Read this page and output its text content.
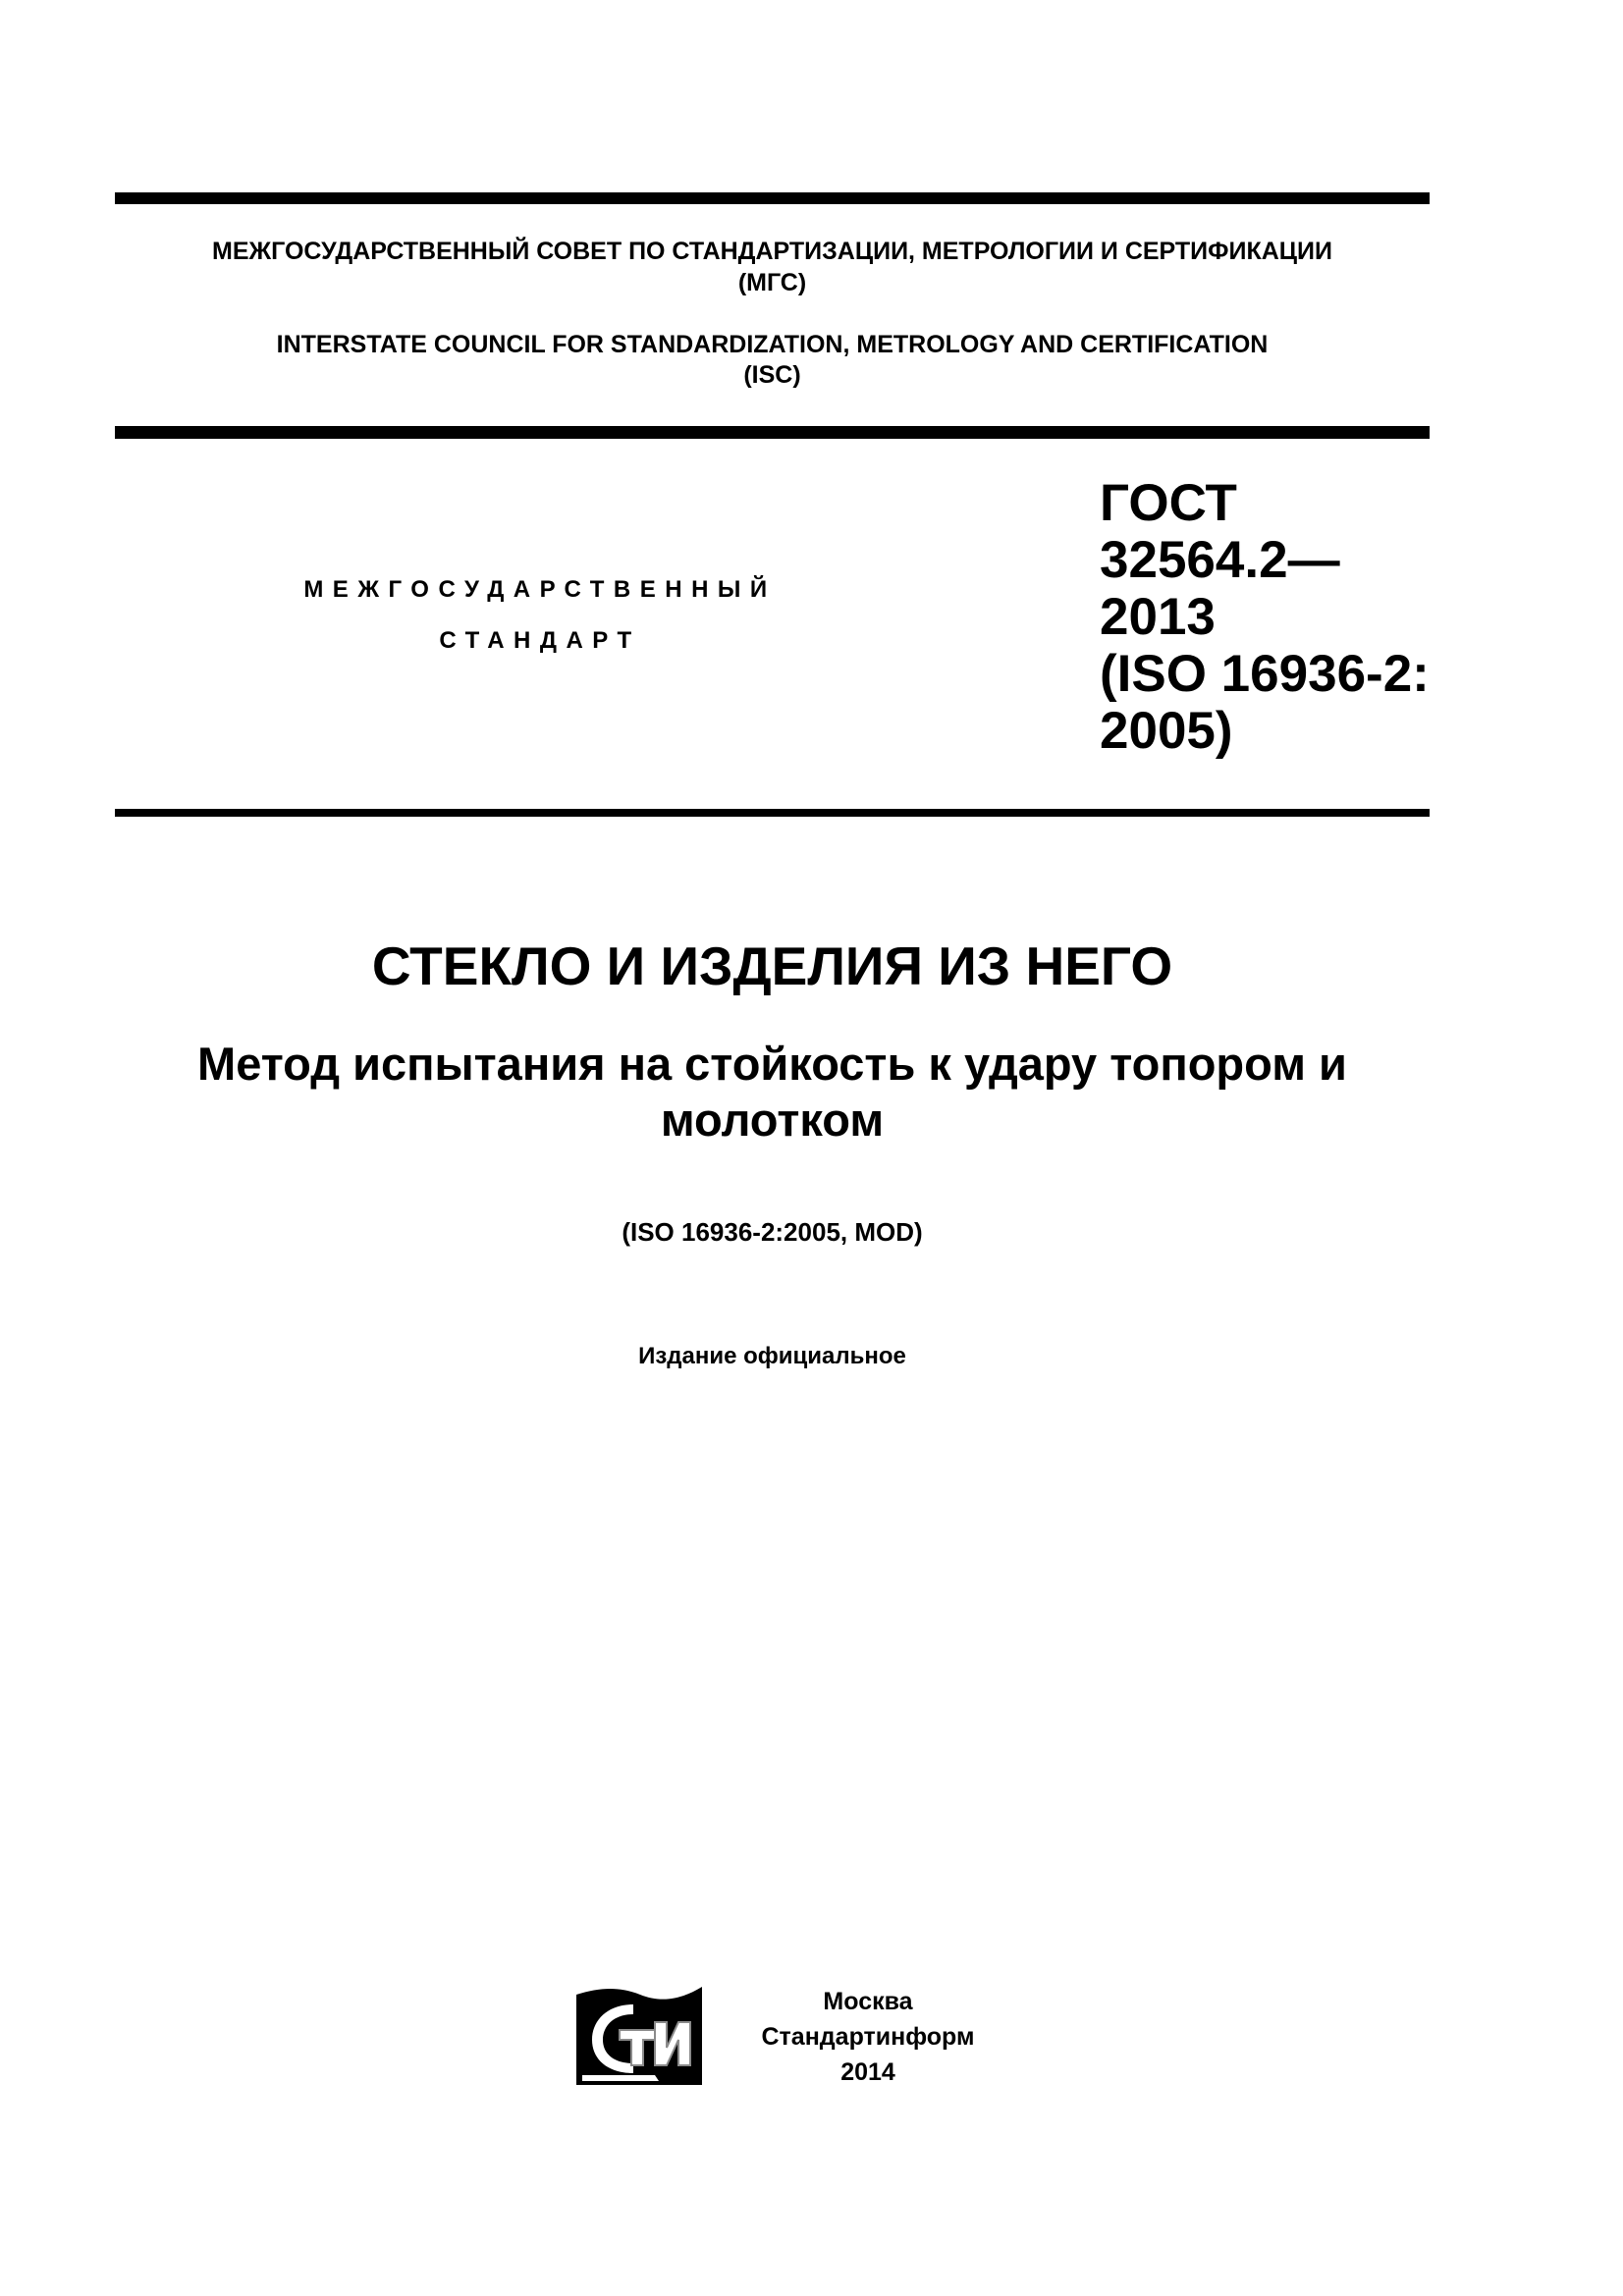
МЕЖГОСУДАРСТВЕННЫЙ СОВЕТ ПО СТАНДАРТИЗАЦИИ, МЕТРОЛОГИИ И СЕРТИФИКАЦИИ
(МГС)
INTERSTATE COUNCIL FOR STANDARDIZATION, METROLOGY AND CERTIFICATION
(ISC)
МЕЖГОСУДАРСТВЕННЫЙ
СТАНДАРТ
ГОСТ
32564.2—
2013
(ISO 16936-2:
2005)
СТЕКЛО И ИЗДЕЛИЯ ИЗ НЕГО
Метод испытания на стойкость к удару топором и
молотком
(ISO 16936-2:2005, MOD)
Издание официальное
Москва
Стандартинформ
2014
